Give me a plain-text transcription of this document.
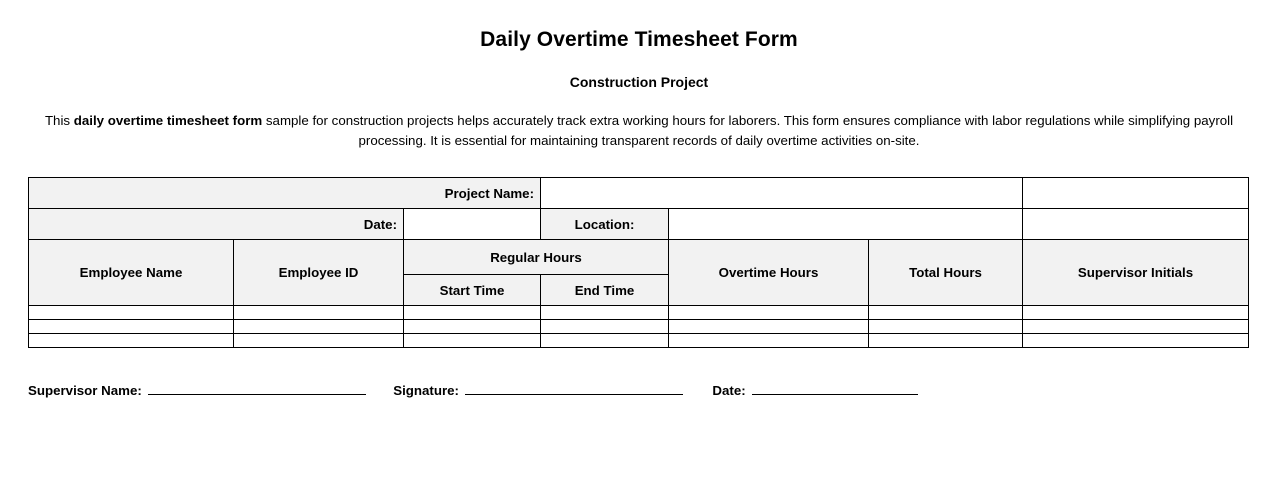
Daily Overtime Timesheet Form
Construction Project

This daily overtime timesheet form sample for construction projects helps accurately track extra working hours for laborers. This form ensures compliance with labor regulations while simplifying payroll processing. It is essential for maintaining transparent records of daily overtime activities on-site.

Project Name:						
Date:			Location:			
Employee Name	Employee ID	Regular Hours		Overtime Hours	Total Hours	Supervisor Initials
		Start Time	End Time			

Supervisor Name:	Signature:	Date:
